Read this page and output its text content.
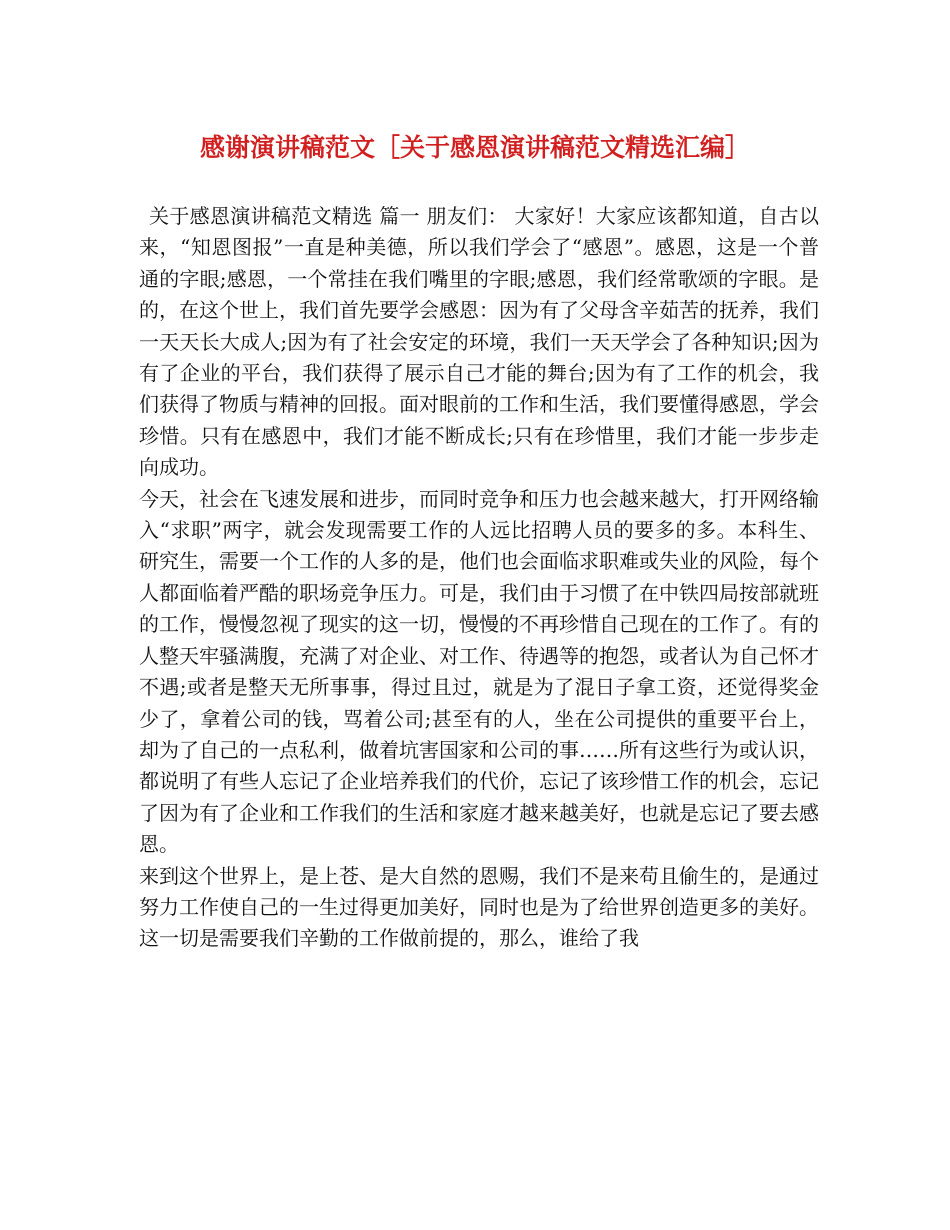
感谢演讲稿范文［关于感恩演讲稿范文精选汇编］

关于感恩演讲稿范文精选 篇一 朋友们： 大家好！大家应该都知道，自古以来，“知恩图报”一直是种美德，所以我们学会了“感恩”。感恩，这是一个普通的字眼;感恩，一个常挂在我们嘴里的字眼;感恩，我们经常歌颂的字眼。是的，在这个世上，我们首先要学会感恩：因为有了父母含辛茹苦的抚养，我们一天天长大成人;因为有了社会安定的环境，我们一天天学会了各种知识;因为有了企业的平台，我们获得了展示自己才能的舞台;因为有了工作的机会，我们获得了物质与精神的回报。面对眼前的工作和生活，我们要懂得感恩，学会珍惜。只有在感恩中，我们才能不断成长;只有在珍惜里，我们才能一步步走向成功。

今天，社会在飞速发展和进步，而同时竞争和压力也会越来越大，打开网络输入“求职”两字，就会发现需要工作的人远比招聘人员的要多的多。本科生、研究生，需要一个工作的人多的是，他们也会面临求职难或失业的风险，每个人都面临着严酷的职场竞争压力。可是，我们由于习惯了在中铁四局按部就班的工作，慢慢忽视了现实的这一切，慢慢的不再珍惜自己现在的工作了。有的人整天牢骚满腹，充满了对企业、对工作、待遇等的抱怨，或者认为自己怀才不遇;或者是整天无所事事，得过且过，就是为了混日子拿工资，还觉得奖金少了，拿着公司的钱，骂着公司;甚至有的人，坐在公司提供的重要平台上，却为了自己的一点私利，做着坑害国家和公司的事……所有这些行为或认识，都说明了有些人忘记了企业培养我们的代价，忘记了该珍惜工作的机会，忘记了因为有了企业和工作我们的生活和家庭才越来越美好，也就是忘记了要去感恩。

来到这个世界上，是上苍、是大自然的恩赐，我们不是来苟且偷生的，是通过努力工作使自己的一生过得更加美好，同时也是为了给世界创造更多的美好。这一切是需要我们辛勤的工作做前提的，那么，谁给了我
